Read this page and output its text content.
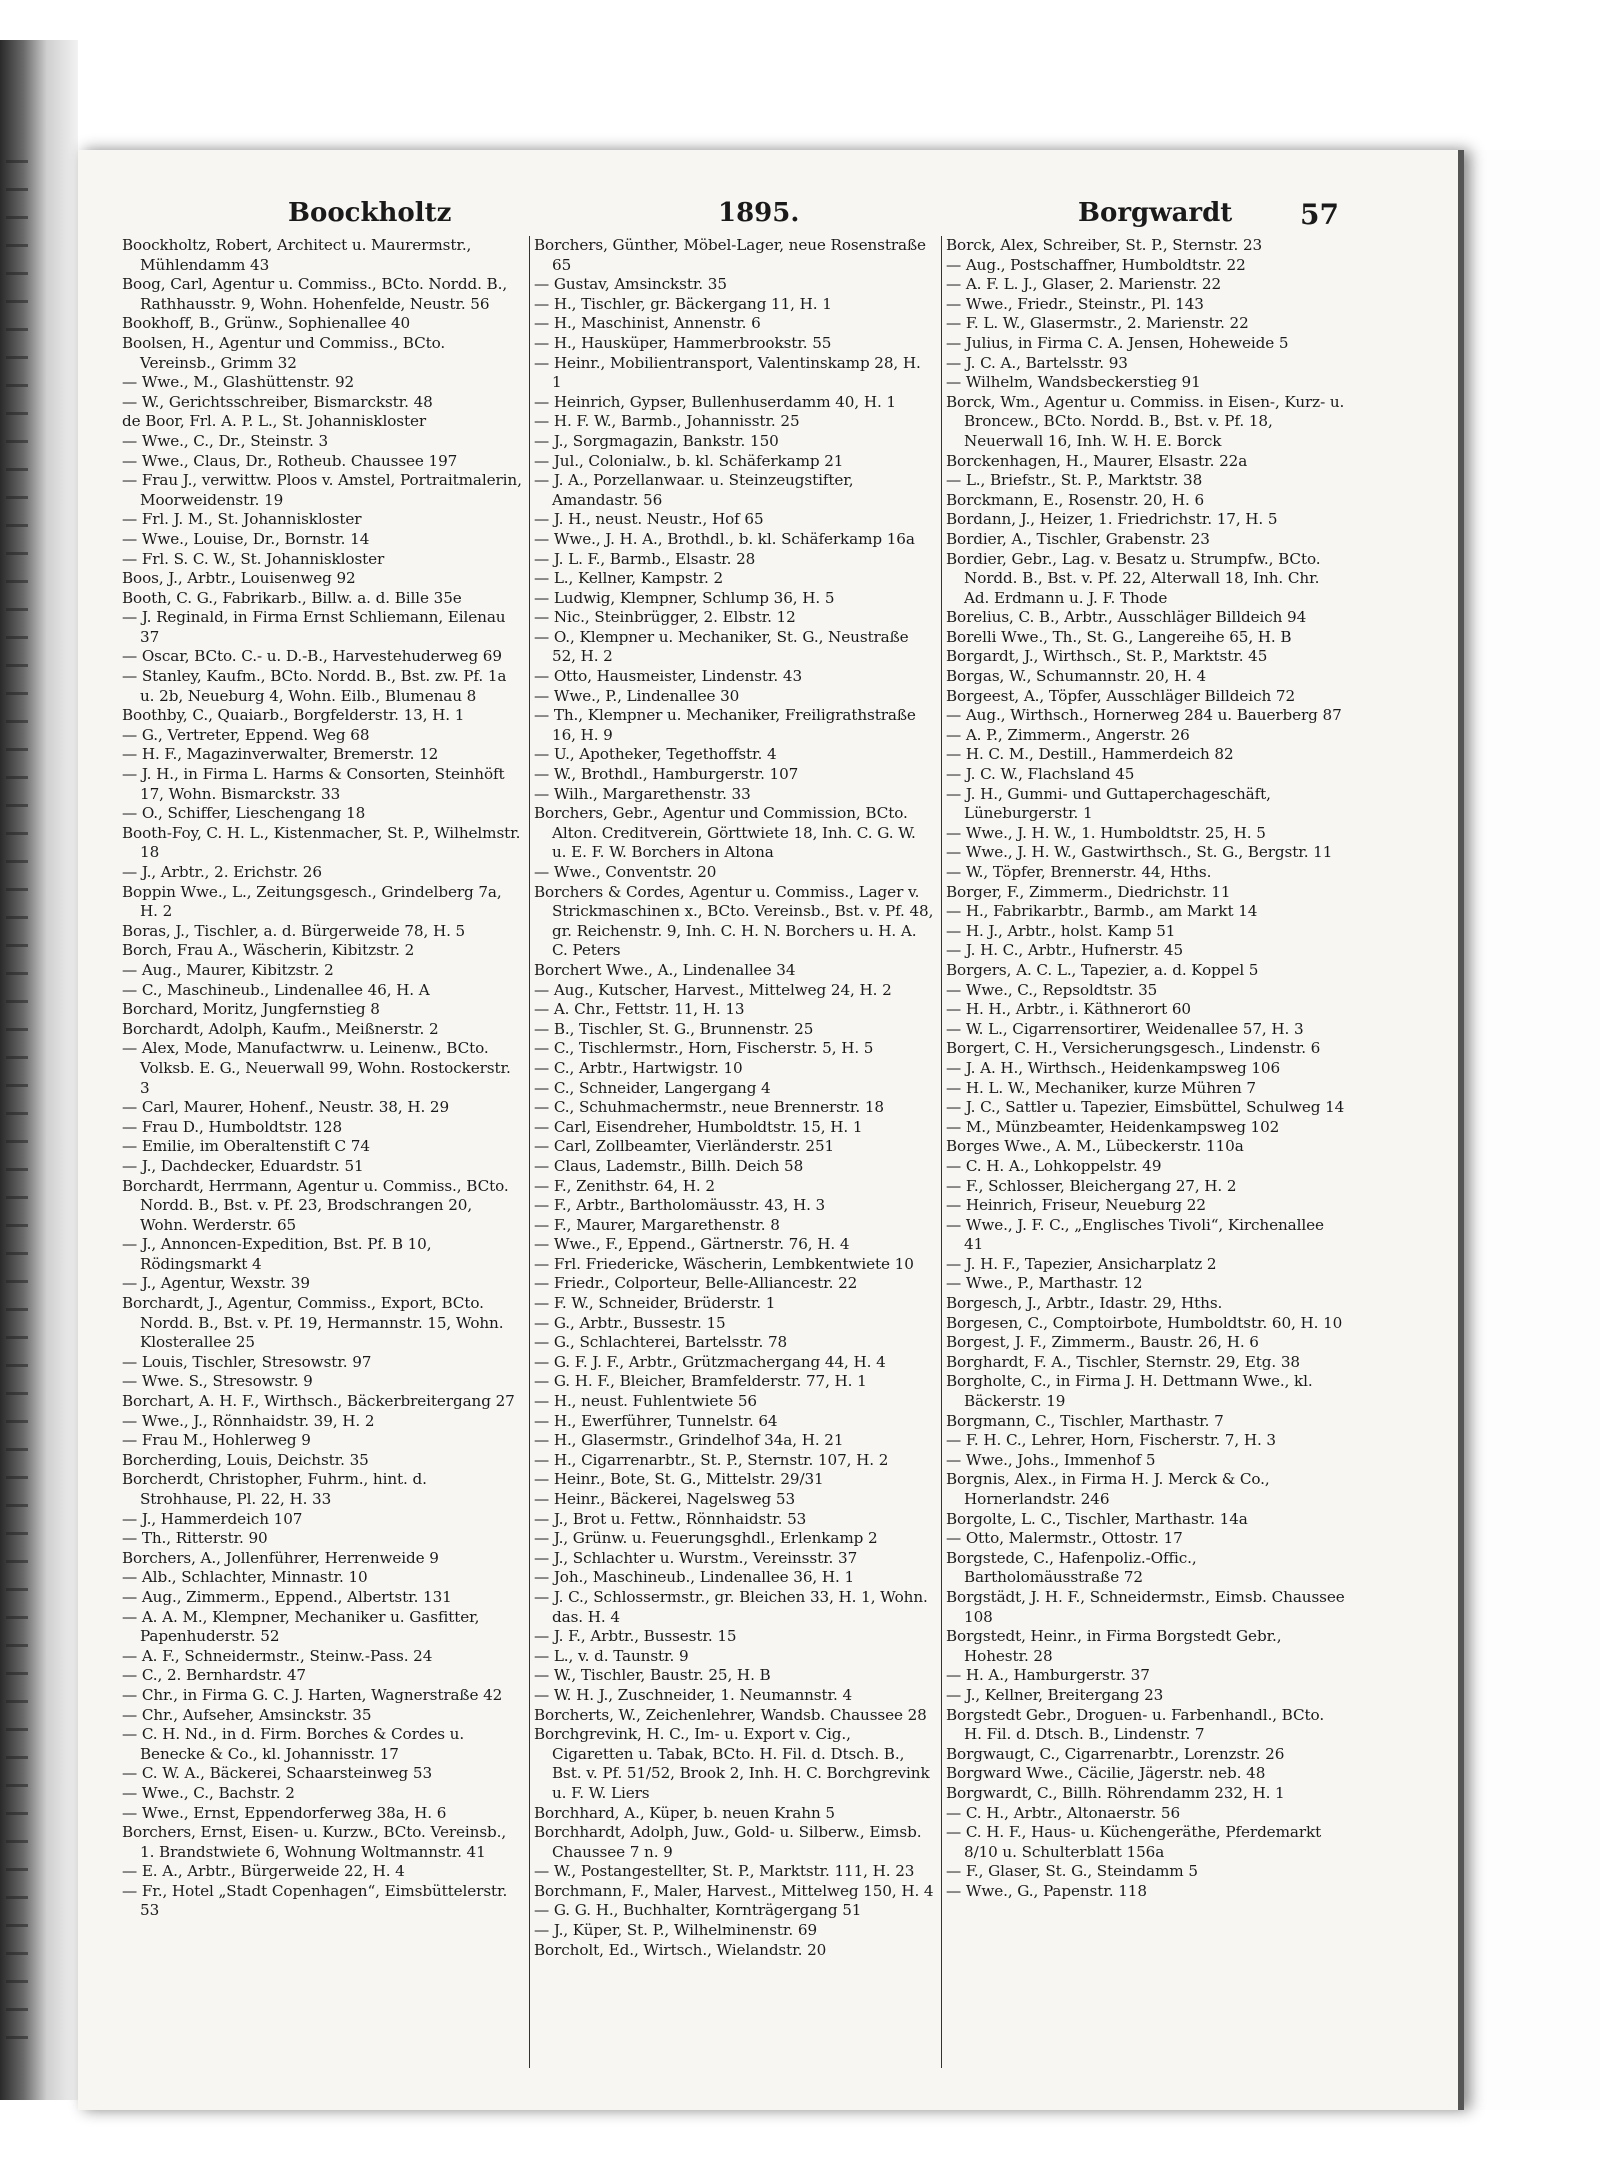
Boockholtz	1895.	Borgwardt 57

Boockholtz, Robert, Architect u. Maurermstr., Mühlendamm 43

Boog, Carl, Agentur u. Commiss., BCto. Nordd. B., Rathhausstr. 9, Wohn. Hohenfelde, Neustr. 56

Bookhoff, B., Grünw., Sophienallee 40

Boolsen, H., Agentur und Commiss., BCto. Vereinsb., Grimm 32

— Wwe., M., Glashüttenstr. 92

— W., Gerichtsschreiber, Bismarckstr. 48

de Boor, Frl. A. P. L., St. Johanniskloster

— Wwe., C., Dr., Steinstr. 3

— Wwe., Claus, Dr., Rotheub. Chaussee 197

— Frau J., verwittw. Ploos v. Amstel, Portraitmalerin, Moorweidenstr. 19

— Frl. J. M., St. Johanniskloster

— Wwe., Louise, Dr., Bornstr. 14

— Frl. S. C. W., St. Johanniskloster

Boos, J., Arbtr., Louisenweg 92

Booth, C. G., Fabrikarb., Billw. a. d. Bille 35e

— J. Reginald, in Firma Ernst Schliemann, Eilenau 37

— Oscar, BCto. C.- u. D.-B., Harvestehuderweg 69

— Stanley, Kaufm., BCto. Nordd. B., Bst. zw. Pf. 1a u. 2b, Neueburg 4, Wohn. Eilb., Blumenau 8

Boothby, C., Quaiarb., Borgfelderstr. 13, H. 1

— G., Vertreter, Eppend. Weg 68

— H. F., Magazinverwalter, Bremerstr. 12

— J. H., in Firma L. Harms & Consorten, Steinhöft 17, Wohn. Bismarckstr. 33

— O., Schiffer, Lieschengang 18

Booth-Foy, C. H. L., Kistenmacher, St. P., Wilhelmstr. 18

— J., Arbtr., 2. Erichstr. 26

Boppin Wwe., L., Zeitungsgesch., Grindelberg 7a, H. 2

Boras, J., Tischler, a. d. Bürgerweide 78, H. 5

Borch, Frau A., Wäscherin, Kibitzstr. 2

— Aug., Maurer, Kibitzstr. 2

— C., Maschineub., Lindenallee 46, H. A

Borchard, Moritz, Jungfernstieg 8

Borchardt, Adolph, Kaufm., Meißnerstr. 2

— Alex, Mode, Manufactwrw. u. Leinenw., BCto. Volksb. E. G., Neuerwall 99, Wohn. Rostockerstr. 3

— Carl, Maurer, Hohenf., Neustr. 38, H. 29

— Frau D., Humboldtstr. 128

— Emilie, im Oberaltenstift C 74

— J., Dachdecker, Eduardstr. 51

Borchardt, Herrmann, Agentur u. Commiss., BCto. Nordd. B., Bst. v. Pf. 23, Brodschrangen 20, Wohn. Werderstr. 65

— J., Annoncen-Expedition, Bst. Pf. B 10, Rödingsmarkt 4

— J., Agentur, Wexstr. 39

Borchardt, J., Agentur, Commiss., Export, BCto. Nordd. B., Bst. v. Pf. 19, Hermannstr. 15, Wohn. Klosterallee 25

— Louis, Tischler, Stresowstr. 97

— Wwe. S., Stresowstr. 9

Borchart, A. H. F., Wirthsch., Bäckerbreitergang 27

— Wwe., J., Rönnhaidstr. 39, H. 2

— Frau M., Hohlerweg 9

Borcherding, Louis, Deichstr. 35

Borcherdt, Christopher, Fuhrm., hint. d. Strohhause, Pl. 22, H. 33

— J., Hammerdeich 107

— Th., Ritterstr. 90

Borchers, A., Jollenführer, Herrenweide 9

— Alb., Schlachter, Minnastr. 10

— Aug., Zimmerm., Eppend., Albertstr. 131

— A. A. M., Klempner, Mechaniker u. Gasfitter, Papenhuderstr. 52

— A. F., Schneidermstr., Steinw.-Pass. 24

— C., 2. Bernhardstr. 47

— Chr., in Firma G. C. J. Harten, Wagnerstraße 42

— Chr., Aufseher, Amsinckstr. 35

— C. H. Nd., in d. Firm. Borches & Cordes u. Benecke & Co., kl. Johannisstr. 17

— C. W. A., Bäckerei, Schaarsteinweg 53

— Wwe., C., Bachstr. 2

— Wwe., Ernst, Eppendorferweg 38a, H. 6

Borchers, Ernst, Eisen- u. Kurzw., BCto. Vereinsb., 1. Brandstwiete 6, Wohnung Woltmannstr. 41

— E. A., Arbtr., Bürgerweide 22, H. 4

— Fr., Hotel „Stadt Copenhagen“, Eimsbüttelerstr. 53

Borchers, Günther, Möbel-Lager, neue Rosenstraße 65

— Gustav, Amsinckstr. 35

— H., Tischler, gr. Bäckergang 11, H. 1

— H., Maschinist, Annenstr. 6

— H., Hausküper, Hammerbrookstr. 55

— Heinr., Mobilientransport, Valentinskamp 28, H. 1

— Heinrich, Gypser, Bullenhuserdamm 40, H. 1

— H. F. W., Barmb., Johannisstr. 25

— J., Sorgmagazin, Bankstr. 150

— Jul., Colonialw., b. kl. Schäferkamp 21

— J. A., Porzellanwaar. u. Steinzeugstifter, Amandastr. 56

— J. H., neust. Neustr., Hof 65

— Wwe., J. H. A., Brothdl., b. kl. Schäferkamp 16a

— J. L. F., Barmb., Elsastr. 28

— L., Kellner, Kampstr. 2

— Ludwig, Klempner, Schlump 36, H. 5

— Nic., Steinbrügger, 2. Elbstr. 12

— O., Klempner u. Mechaniker, St. G., Neustraße 52, H. 2

— Otto, Hausmeister, Lindenstr. 43

— Wwe., P., Lindenallee 30

— Th., Klempner u. Mechaniker, Freiligrathstraße 16, H. 9

— U., Apotheker, Tegethoffstr. 4

— W., Brothdl., Hamburgerstr. 107

— Wilh., Margarethenstr. 33

Borchers, Gebr., Agentur und Commission, BCto. Alton. Creditverein, Görttwiete 18, Inh. C. G. W. u. E. F. W. Borchers in Altona

— Wwe., Conventstr. 20

Borchers & Cordes, Agentur u. Commiss., Lager v. Strickmaschinen x., BCto. Vereinsb., Bst. v. Pf. 48, gr. Reichenstr. 9, Inh. C. H. N. Borchers u. H. A. C. Peters

Borchert Wwe., A., Lindenallee 34

— Aug., Kutscher, Harvest., Mittelweg 24, H. 2

— A. Chr., Fettstr. 11, H. 13

— B., Tischler, St. G., Brunnenstr. 25

— C., Tischlermstr., Horn, Fischerstr. 5, H. 5

— C., Arbtr., Hartwigstr. 10

— C., Schneider, Langergang 4

— C., Schuhmachermstr., neue Brennerstr. 18

— Carl, Eisendreher, Humboldtstr. 15, H. 1

— Carl, Zollbeamter, Vierländerstr. 251

— Claus, Lademstr., Billh. Deich 58

— F., Zenithstr. 64, H. 2

— F., Arbtr., Bartholomäusstr. 43, H. 3

— F., Maurer, Margarethenstr. 8

— Wwe., F., Eppend., Gärtnerstr. 76, H. 4

— Frl. Friedericke, Wäscherin, Lembkentwiete 10

— Friedr., Colporteur, Belle-Alliancestr. 22

— F. W., Schneider, Brüderstr. 1

— G., Arbtr., Bussestr. 15

— G., Schlachterei, Bartelsstr. 78

— G. F. J. F., Arbtr., Grützmachergang 44, H. 4

— G. H. F., Bleicher, Bramfelderstr. 77, H. 1

— H., neust. Fuhlentwiete 56

— H., Ewerführer, Tunnelstr. 64

— H., Glasermstr., Grindelhof 34a, H. 21

— H., Cigarrenarbtr., St. P., Sternstr. 107, H. 2

— Heinr., Bote, St. G., Mittelstr. 29/31

— Heinr., Bäckerei, Nagelsweg 53

— J., Brot u. Fettw., Rönnhaidstr. 53

— J., Grünw. u. Feuerungsghdl., Erlenkamp 2

— J., Schlachter u. Wurstm., Vereinsstr. 37

— Joh., Maschineub., Lindenallee 36, H. 1

— J. C., Schlossermstr., gr. Bleichen 33, H. 1, Wohn. das. H. 4

— J. F., Arbtr., Bussestr. 15

— L., v. d. Taunstr. 9

— W., Tischler, Baustr. 25, H. B

— W. H. J., Zuschneider, 1. Neumannstr. 4

Borcherts, W., Zeichenlehrer, Wandsb. Chaussee 28

Borchgrevink, H. C., Im- u. Export v. Cig., Cigaretten u. Tabak, BCto. H. Fil. d. Dtsch. B., Bst. v. Pf. 51/52, Brook 2, Inh. H. C. Borchgrevink u. F. W. Liers

Borchhard, A., Küper, b. neuen Krahn 5

Borchhardt, Adolph, Juw., Gold- u. Silberw., Eimsb. Chaussee 7 n. 9

— W., Postangestellter, St. P., Marktstr. 111, H. 23

Borchmann, F., Maler, Harvest., Mittelweg 150, H. 4

— G. G. H., Buchhalter, Kornträgergang 51

— J., Küper, St. P., Wilhelminenstr. 69

Borcholt, Ed., Wirtsch., Wielandstr. 20

Borck, Alex, Schreiber, St. P., Sternstr. 23

— Aug., Postschaffner, Humboldtstr. 22

— A. F. L. J., Glaser, 2. Marienstr. 22

— Wwe., Friedr., Steinstr., Pl. 143

— F. L. W., Glasermstr., 2. Marienstr. 22

— Julius, in Firma C. A. Jensen, Hoheweide 5

— J. C. A., Bartelsstr. 93

— Wilhelm, Wandsbeckerstieg 91

Borck, Wm., Agentur u. Commiss. in Eisen-, Kurz- u. Broncew., BCto. Nordd. B., Bst. v. Pf. 18, Neuerwall 16, Inh. W. H. E. Borck

Borckenhagen, H., Maurer, Elsastr. 22a

— L., Briefstr., St. P., Marktstr. 38

Borckmann, E., Rosenstr. 20, H. 6

Bordann, J., Heizer, 1. Friedrichstr. 17, H. 5

Bordier, A., Tischler, Grabenstr. 23

Bordier, Gebr., Lag. v. Besatz u. Strumpfw., BCto. Nordd. B., Bst. v. Pf. 22, Alterwall 18, Inh. Chr. Ad. Erdmann u. J. F. Thode

Borelius, C. B., Arbtr., Ausschläger Billdeich 94

Borelli Wwe., Th., St. G., Langereihe 65, H. B

Borgardt, J., Wirthsch., St. P., Marktstr. 45

Borgas, W., Schumannstr. 20, H. 4

Borgeest, A., Töpfer, Ausschläger Billdeich 72

— Aug., Wirthsch., Hornerweg 284 u. Bauerberg 87

— A. P., Zimmerm., Angerstr. 26

— H. C. M., Destill., Hammerdeich 82

— J. C. W., Flachsland 45

— J. H., Gummi- und Guttaperchageschäft, Lüneburgerstr. 1

— Wwe., J. H. W., 1. Humboldtstr. 25, H. 5

— Wwe., J. H. W., Gastwirthsch., St. G., Bergstr. 11

— W., Töpfer, Brennerstr. 44, Hths.

Borger, F., Zimmerm., Diedrichstr. 11

— H., Fabrikarbtr., Barmb., am Markt 14

— H. J., Arbtr., holst. Kamp 51

— J. H. C., Arbtr., Hufnerstr. 45

Borgers, A. C. L., Tapezier, a. d. Koppel 5

— Wwe., C., Repsoldtstr. 35

— H. H., Arbtr., i. Käthnerort 60

— W. L., Cigarrensortirer, Weidenallee 57, H. 3

Borgert, C. H., Versicherungsgesch., Lindenstr. 6

— J. A. H., Wirthsch., Heidenkampsweg 106

— H. L. W., Mechaniker, kurze Mühren 7

— J. C., Sattler u. Tapezier, Eimsbüttel, Schulweg 14

— M., Münzbeamter, Heidenkampsweg 102

Borges Wwe., A. M., Lübeckerstr. 110a

— C. H. A., Lohkoppelstr. 49

— F., Schlosser, Bleichergang 27, H. 2

— Heinrich, Friseur, Neueburg 22

— Wwe., J. F. C., „Englisches Tivoli“, Kirchenallee 41

— J. H. F., Tapezier, Ansicharplatz 2

— Wwe., P., Marthastr. 12

Borgesch, J., Arbtr., Idastr. 29, Hths.

Borgesen, C., Comptoirbote, Humboldtstr. 60, H. 10

Borgest, J. F., Zimmerm., Baustr. 26, H. 6

Borghardt, F. A., Tischler, Sternstr. 29, Etg. 38

Borgholte, C., in Firma J. H. Dettmann Wwe., kl. Bäckerstr. 19

Borgmann, C., Tischler, Marthastr. 7

— F. H. C., Lehrer, Horn, Fischerstr. 7, H. 3

— Wwe., Johs., Immenhof 5

Borgnis, Alex., in Firma H. J. Merck & Co., Hornerlandstr. 246

Borgolte, L. C., Tischler, Marthastr. 14a

— Otto, Malermstr., Ottostr. 17

Borgstede, C., Hafenpoliz.-Offic., Bartholomäusstraße 72

Borgstädt, J. H. F., Schneidermstr., Eimsb. Chaussee 108

Borgstedt, Heinr., in Firma Borgstedt Gebr., Hohestr. 28

— H. A., Hamburgerstr. 37

— J., Kellner, Breitergang 23

Borgstedt Gebr., Droguen- u. Farbenhandl., BCto. H. Fil. d. Dtsch. B., Lindenstr. 7

Borgwaugt, C., Cigarrenarbtr., Lorenzstr. 26

Borgward Wwe., Cäcilie, Jägerstr. neb. 48

Borgwardt, C., Billh. Röhrendamm 232, H. 1

— C. H., Arbtr., Altonaerstr. 56

— C. H. F., Haus- u. Küchengeräthe, Pferdemarkt 8/10 u. Schulterblatt 156a

— F., Glaser, St. G., Steindamm 5

— Wwe., G., Papenstr. 118
